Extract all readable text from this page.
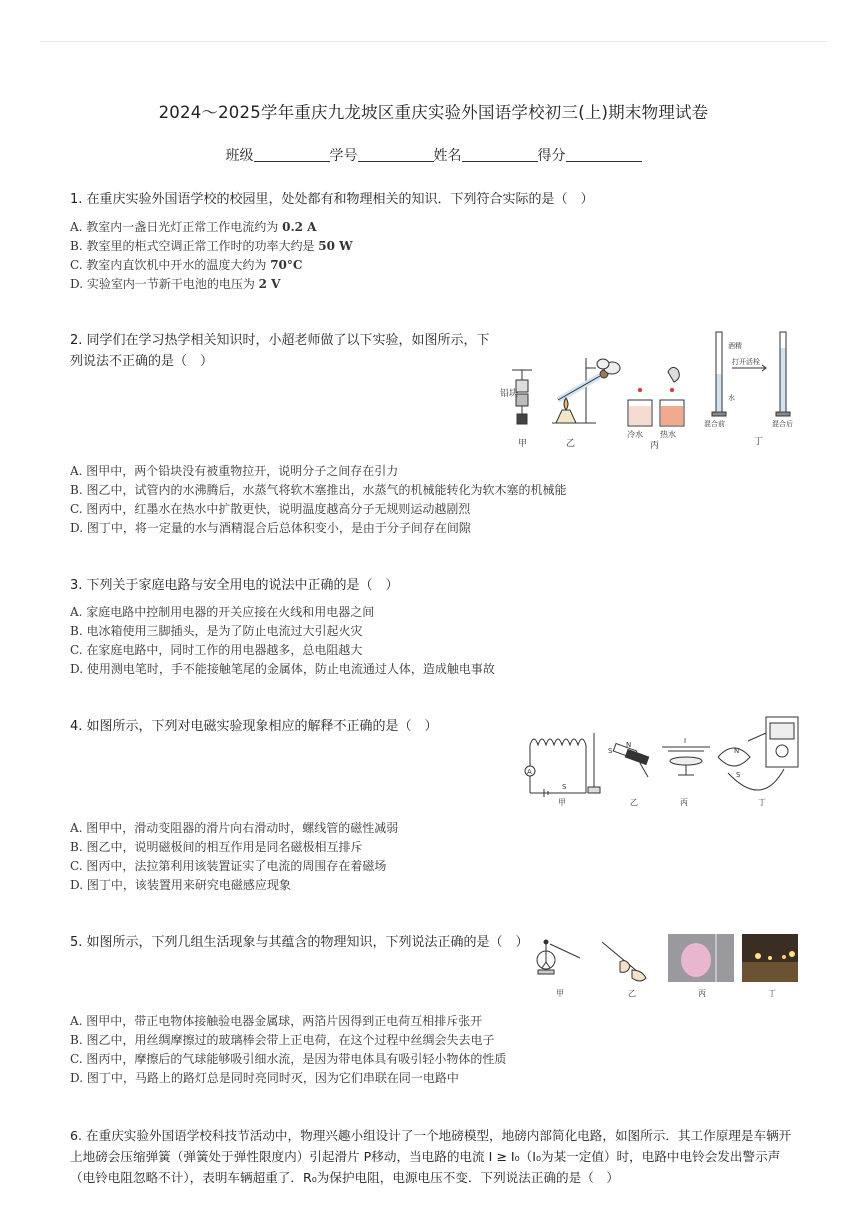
2024～2025学年重庆九龙坡区重庆实验外国语学校初三(上)期末物理试卷
班级	学号	姓名	得分
1. 在重庆实验外国语学校的校园里，处处都有和物理相关的知识．下列符合实际的是（　）
A. 教室内一盏日光灯正常工作电流约为 0.2 A
B. 教室里的柜式空调正常工作时的功率大约是 50 W
C. 教室内直饮机中开水的温度大约为 70°C
D. 实验室内一节新干电池的电压为 2 V
2. 同学们在学习热学相关知识时，小超老师做了以下实验，如图所示，下
列说法不正确的是（　）
铅块
甲	乙
冷水 热水
丙
酒精
打开活栓
水
混合前	混合后
丁
A. 图甲中，两个铅块没有被重物拉开，说明分子之间存在引力
B. 图乙中，试管内的水沸腾后，水蒸气将软木塞推出，水蒸气的机械能转化为软木塞的机械能
C. 图丙中，红墨水在热水中扩散更快，说明温度越高分子无规则运动越剧烈
D. 图丁中，将一定量的水与酒精混合后总体积变小，是由于分子间存在间隙
3. 下列关于家庭电路与安全用电的说法中正确的是（　）
A. 家庭电路中控制用电器的开关应接在火线和用电器之间
B. 电冰箱使用三脚插头，是为了防止电流过大引起火灾
C. 在家庭电路中，同时工作的用电器越多，总电阻越大
D. 使用测电笔时，手不能接触笔尾的金属体，防止电流通过人体，造成触电事故
4. 如图所示，下列对电磁实验现象相应的解释不正确的是（　）
A
S
甲
S
N
乙
I
丙
N
S
丁
A. 图甲中，滑动变阻器的滑片向右滑动时，螺线管的磁性减弱
B. 图乙中，说明磁极间的相互作用是同名磁极相互排斥
C. 图丙中，法拉第利用该装置证实了电流的周围存在着磁场
D. 图丁中，该装置用来研究电磁感应现象
5. 如图所示，下列几组生活现象与其蕴含的物理知识，下列说法正确的是（　）
甲	乙	丙	丁
A. 图甲中，带正电物体接触验电器金属球，两箔片因得到正电荷互相排斥张开
B. 图乙中，用丝绸摩擦过的玻璃棒会带上正电荷，在这个过程中丝绸会失去电子
C. 图丙中，摩擦后的气球能够吸引细水流，是因为带电体具有吸引轻小物体的性质
D. 图丁中，马路上的路灯总是同时亮同时灭，因为它们串联在同一电路中
6. 在重庆实验外国语学校科技节活动中，物理兴趣小组设计了一个地磅模型，地磅内部简化电路，如图所示．其工作原理是车辆开
上地磅会压缩弹簧（弹簧处于弹性限度内）引起滑片 P移动，当电路的电流 I ≥ I₀（I₀为某一定值）时，电路中电铃会发出警示声
（电铃电阻忽略不计），表明车辆超重了．R₀为保护电阻，电源电压不变．下列说法正确的是（　）
